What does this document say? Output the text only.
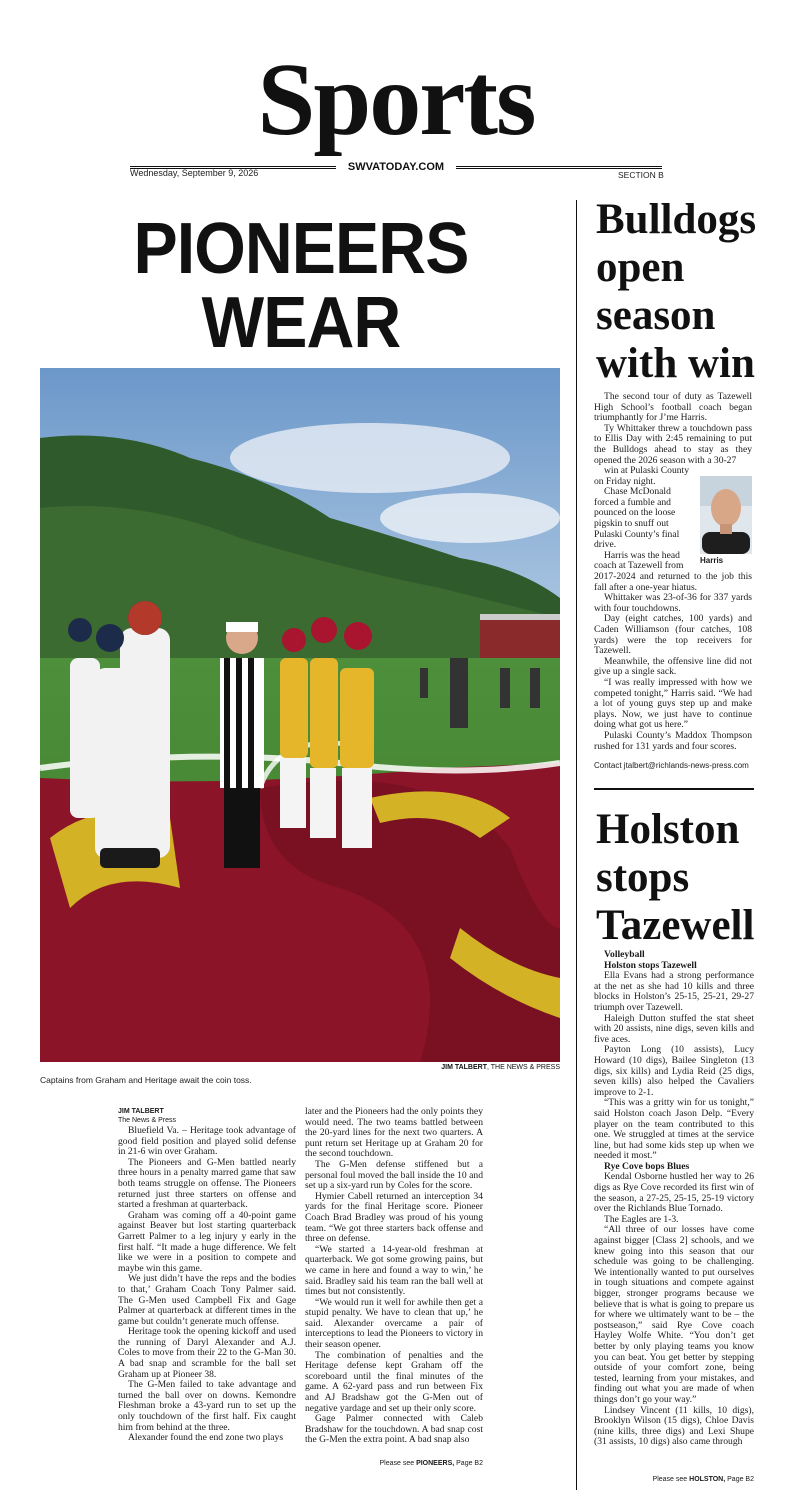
Sports
Wednesday, September 9, 2026	SWVATODAY.COM
SECTION B
PIONEERS WEAR
JIM TALBERT, THE NEWS & PRESS
Captains from Graham and Heritage await the coin toss.
JIM TALBERT
The News & Press

Bluefield Va. – Heritage took advantage of good field position and played solid defense in 21-6 win over Graham.

The Pioneers and G-Men battled nearly three hours in a penalty marred game that saw both teams struggle on offense. The Pioneers returned just three starters on offense and started a freshman at quarterback.

Graham was coming off a 40-point game against Beaver but lost starting quarterback Garrett Palmer to a leg injury y early in the first half. “It made a huge difference. We felt like we were in a position to compete and maybe win this game.

We just didn’t have the reps and the bodies to that,’ Graham Coach Tony Palmer said. The G-Men used Campbell Fix and Gage Palmer at quarterback at different times in the game but couldn’t generate much offense.

Heritage took the opening kickoff and used the running of Daryl Alexander and A.J. Coles to move from their 22 to the G-Man 30. A bad snap and scramble for the ball set Graham up at Pioneer 38.

The G-Men failed to take advantage and turned the ball over on downs. Kemondre Fleshman broke a 43-yard run to set up the only touchdown of the first half. Fix caught him from behind at the three.

Alexander found the end zone two plays

later and the Pioneers had the only points they would need. The two teams battled between the 20-yard lines for the next two quarters. A punt return set Heritage up at Graham 20 for the second touchdown.

The G-Men defense stiffened but a personal foul moved the ball inside the 10 and set up a six-yard run by Coles for the score.

Hymier Cabell returned an interception 34 yards for the final Heritage score. Pioneer Coach Brad Bradley was proud of his young team. “We got three starters back offense and three on defense.

“We started a 14-year-old freshman at quarterback. We got some growing pains, but we came in here and found a way to win,’ he said. Bradley said his team ran the ball well at times but not consistently.

“We would run it well for awhile then get a stupid penalty. We have to clean that up,’ he said. Alexander overcame a pair of interceptions to lead the Pioneers to victory in their season opener.

The combination of penalties and the Heritage defense kept Graham off the scoreboard until the final minutes of the game. A 62-yard pass and run between Fix and AJ Bradshaw got the G-Men out of negative yardage and set up their only score.

Gage Palmer connected with Caleb Bradshaw for the touchdown. A bad snap cost the G-Men the extra point. A bad snap also

Please see PIONEERS, Page B2
Bulldogs
open
season
with win

The second tour of duty as Tazewell High School’s football coach began triumphantly for J’me Harris.

Ty Whittaker threw a touchdown pass to Ellis Day with 2:45 remaining to put the Bulldogs ahead to stay as they opened the 2026 season with a 30-27

win at Pulaski County
on Friday night.
Chase McDonald
forced a fumble and
pounced on the loose
pigskin to snuff out
Pulaski County’s final
drive.
Harris was the head
coach at Tazewell from	Harris

2017-2024 and returned to the job this fall after a one-year hiatus.

Whittaker was 23-of-36 for 337 yards with four touchdowns.

Day (eight catches, 100 yards) and Caden Williamson (four catches, 108 yards) were the top receivers for Tazewell.

Meanwhile, the offensive line did not give up a single sack.

“I was really impressed with how we competed tonight,” Harris said. “We had a lot of young guys step up and make plays. Now, we just have to continue doing what got us here.”

Pulaski County’s Maddox Thompson rushed for 131 yards and four scores.

Contact jtalbert@richlands-news-press.com
Holston
stops
Tazewell
Volleyball
Holston stops Tazewell

Ella Evans had a strong performance at the net as she had 10 kills and three blocks in Holston’s 25-15, 25-21, 29-27 triumph over Tazewell.

Haleigh Dutton stuffed the stat sheet with 20 assists, nine digs, seven kills and five aces.

Payton Long (10 assists), Lucy Howard (10 digs), Bailee Singleton (13 digs, six kills) and Lydia Reid (25 digs, seven kills) also helped the Cavaliers improve to 2-1.

“This was a gritty win for us tonight,” said Holston coach Jason Delp. “Every player on the team contributed to this one. We struggled at times at the service line, but had some kids step up when we needed it most.”

Rye Cove bops Blues

Kendal Osborne hustled her way to 26 digs as Rye Cove recorded its first win of the season, a 27-25, 25-15, 25-19 victory over the Richlands Blue Tornado.

The Eagles are 1-3.

“All three of our losses have come against bigger [Class 2] schools, and we knew going into this season that our schedule was going to be challenging. We intentionally wanted to put ourselves in tough situations and compete against bigger, stronger programs because we believe that is what is going to prepare us for where we ultimately want to be – the postseason,” said Rye Cove coach Hayley Wolfe White. “You don’t get better by only playing teams you know you can beat. You get better by stepping outside of your comfort zone, being tested, learning from your mistakes, and finding out what you are made of when things don’t go your way.”

Lindsey Vincent (11 kills, 10 digs), Brooklyn Wilson (15 digs), Chloe Davis (nine kills, three digs) and Lexi Shupe (31 assists, 10 digs) also came through

Please see HOLSTON, Page B2
